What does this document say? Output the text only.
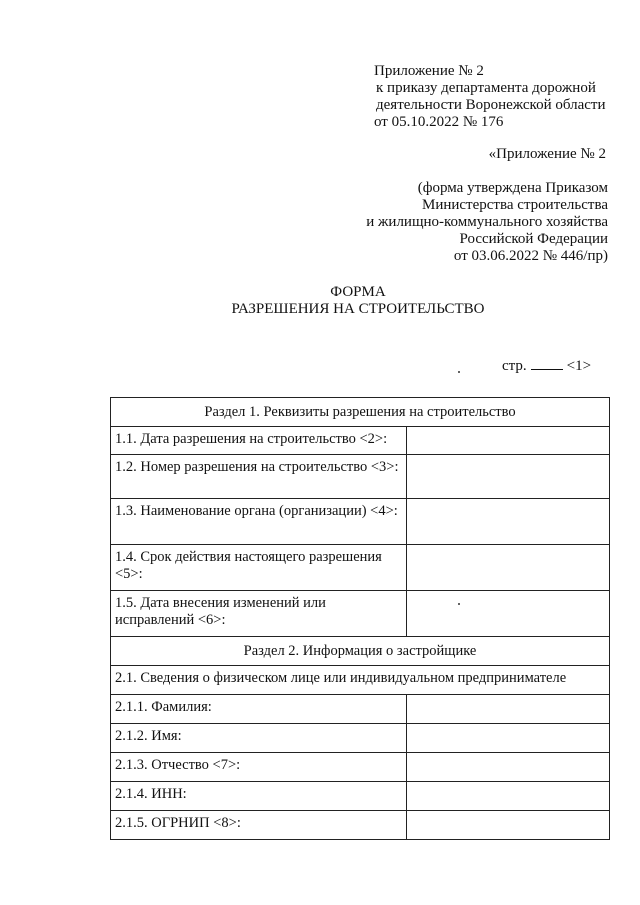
Приложение № 2
к приказу департамента дорожной
деятельности Воронежской области
от 05.10.2022 № 176
«Приложение № 2
(форма утверждена Приказом
Министерства строительства
и жилищно-коммунального хозяйства
Российской Федерации
от 03.06.2022 № 446/пр)
ФОРМА
РАЗРЕШЕНИЯ НА СТРОИТЕЛЬСТВО
стр.	<1>
Раздел 1. Реквизиты разрешения на строительство	
1.1. Дата разрешения на строительство <2>:	
1.2. Номер разрешения на строительство <3>:	
1.3. Наименование органа (организации) <4>:	
1.4. Срок действия настоящего разрешения <5>:	
1.5. Дата внесения изменений или исправлений <6>:	
Раздел 2. Информация о застройщике	
2.1. Сведения о физическом лице или индивидуальном предпринимателе	
2.1.1. Фамилия:	
2.1.2. Имя:	
2.1.3. Отчество <7>:	
2.1.4. ИНН:	
2.1.5. ОГРНИП <8>:	
